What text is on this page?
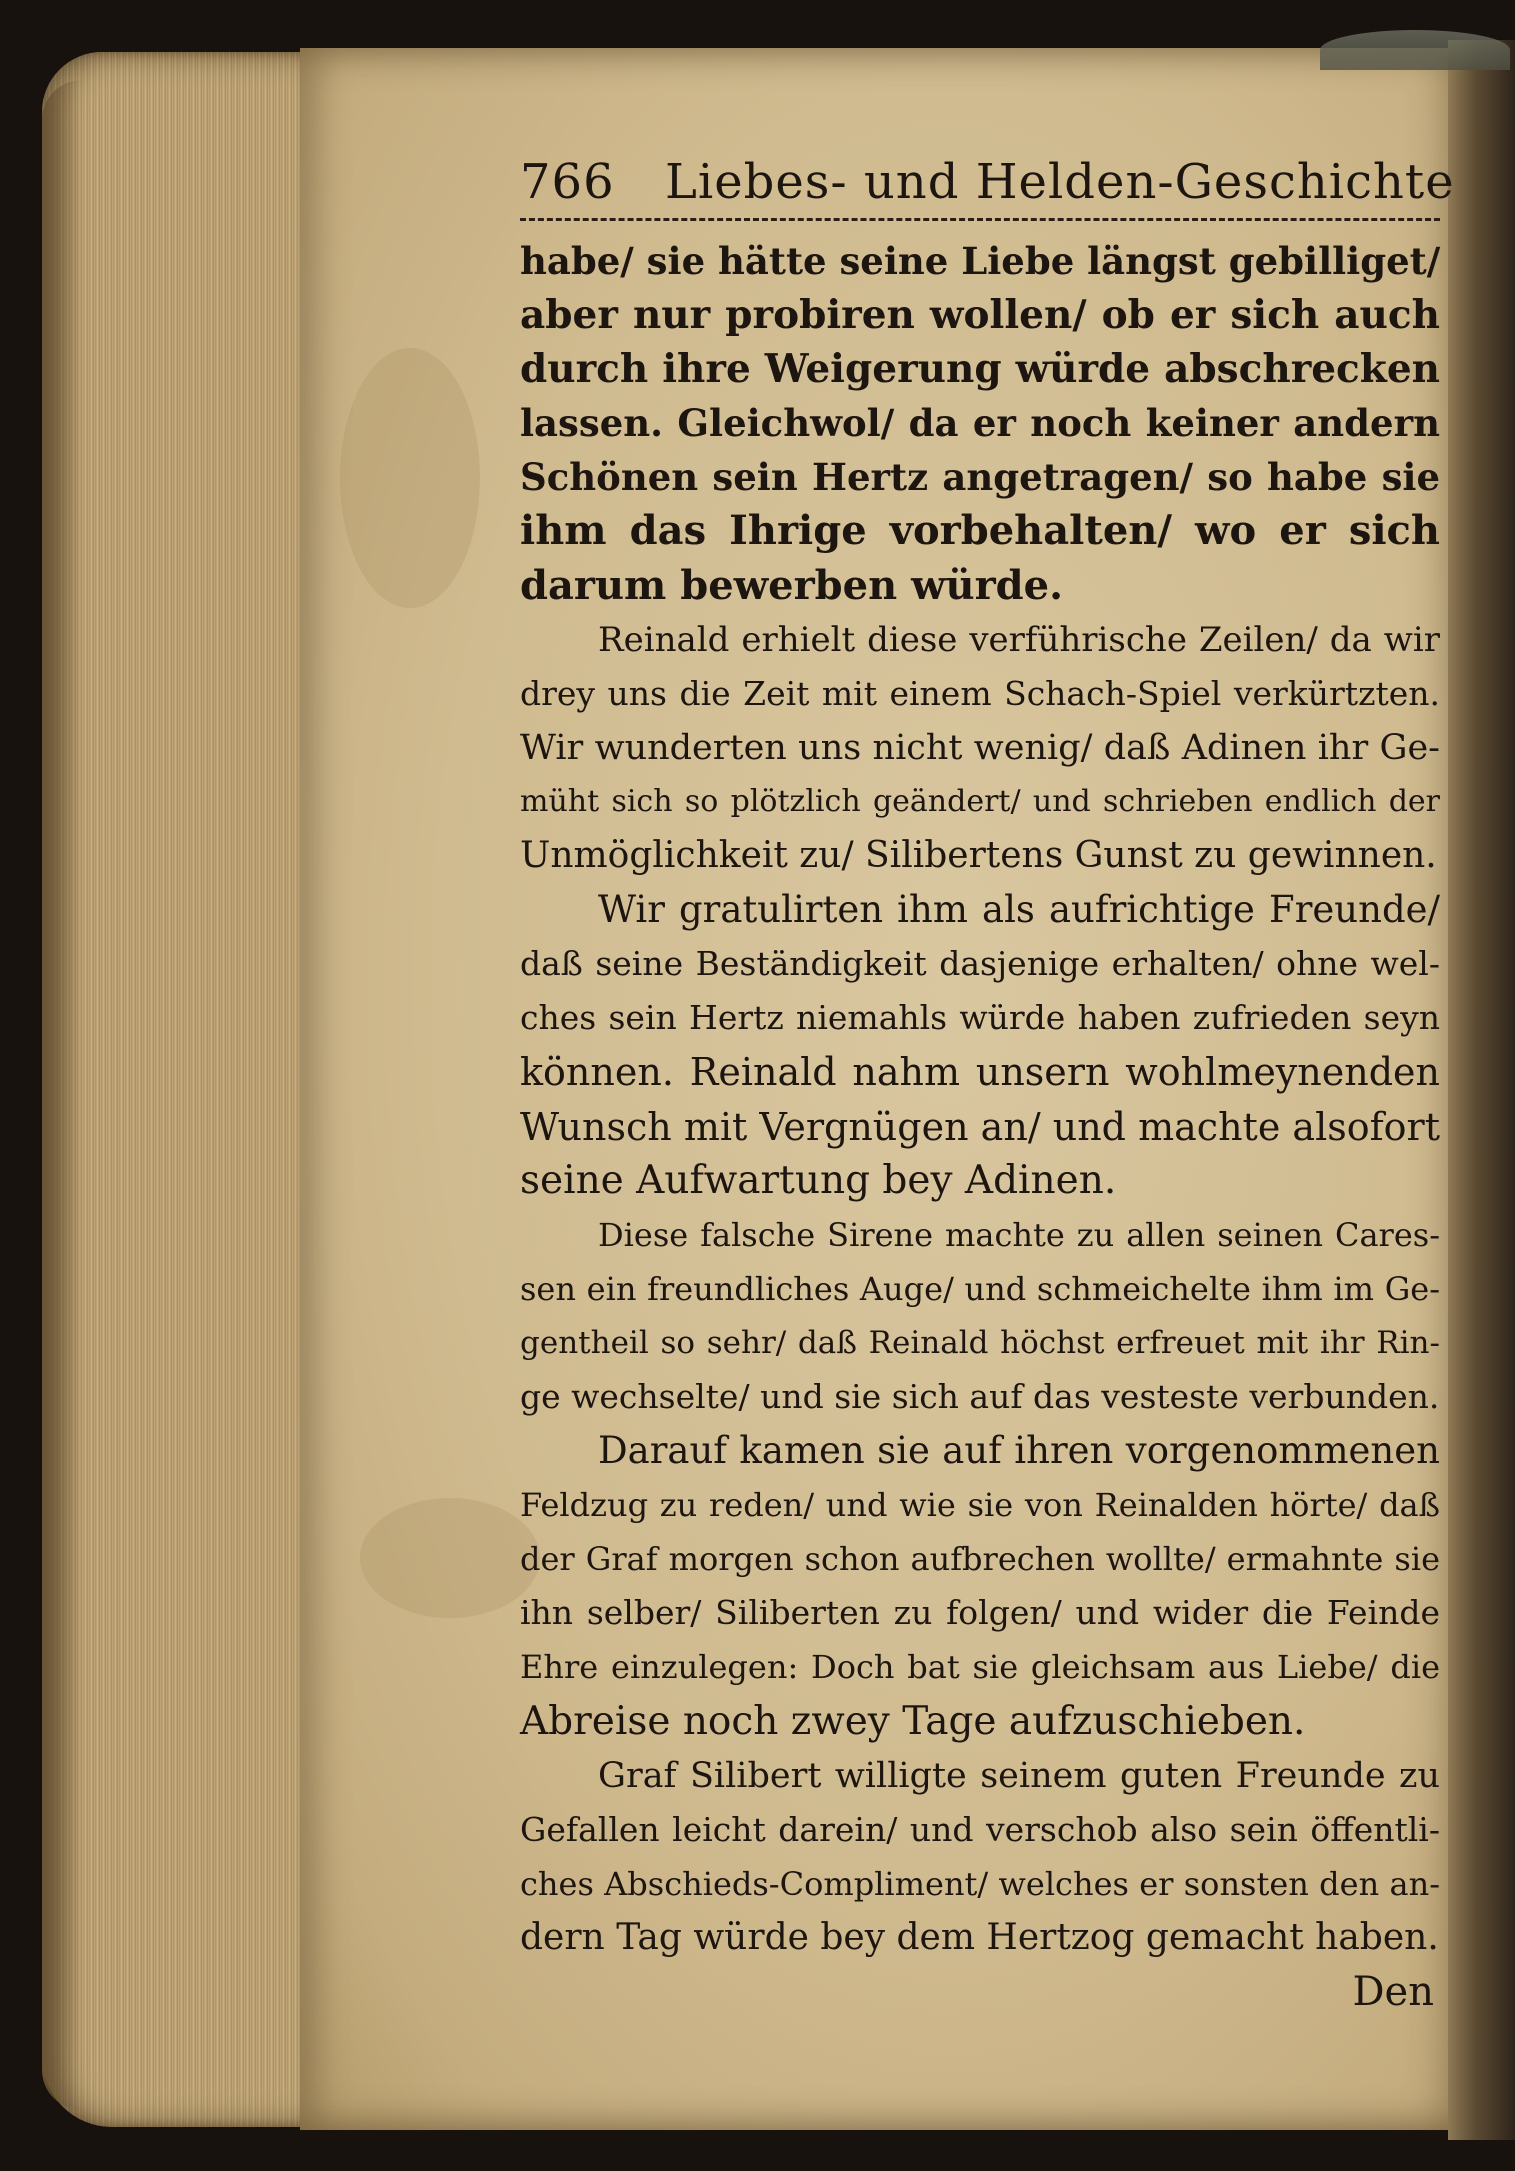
766 Liebes- und Helden-Geschichte
habe/ sie hätte seine Liebe längst gebilliget/
aber nur probiren wollen/ ob er sich auch
durch ihre Weigerung würde abschrecken
lassen. Gleichwol/ da er noch keiner andern
Schönen sein Hertz angetragen/ so habe sie
ihm das Ihrige vorbehalten/ wo er sich
darum bewerben würde.
Reinald erhielt diese verführische Zeilen/ da wir
drey uns die Zeit mit einem Schach-Spiel verkürtzten.
Wir wunderten uns nicht wenig/ daß Adinen ihr Ge-
müht sich so plötzlich geändert/ und schrieben endlich der
Unmöglichkeit zu/ Silibertens Gunst zu gewinnen.
Wir gratulirten ihm als aufrichtige Freunde/
daß seine Beständigkeit dasjenige erhalten/ ohne wel-
ches sein Hertz niemahls würde haben zufrieden seyn
können. Reinald nahm unsern wohlmeynenden
Wunsch mit Vergnügen an/ und machte alsofort
seine Aufwartung bey Adinen.
Diese falsche Sirene machte zu allen seinen Cares-
sen ein freundliches Auge/ und schmeichelte ihm im Ge-
gentheil so sehr/ daß Reinald höchst erfreuet mit ihr Rin-
ge wechselte/ und sie sich auf das vesteste verbunden.
Darauf kamen sie auf ihren vorgenommenen
Feldzug zu reden/ und wie sie von Reinalden hörte/ daß
der Graf morgen schon aufbrechen wollte/ ermahnte sie
ihn selber/ Siliberten zu folgen/ und wider die Feinde
Ehre einzulegen: Doch bat sie gleichsam aus Liebe/ die
Abreise noch zwey Tage aufzuschieben.
Graf Silibert willigte seinem guten Freunde zu
Gefallen leicht darein/ und verschob also sein öffentli-
ches Abschieds-Compliment/ welches er sonsten den an-
dern Tag würde bey dem Hertzog gemacht haben.
Den
